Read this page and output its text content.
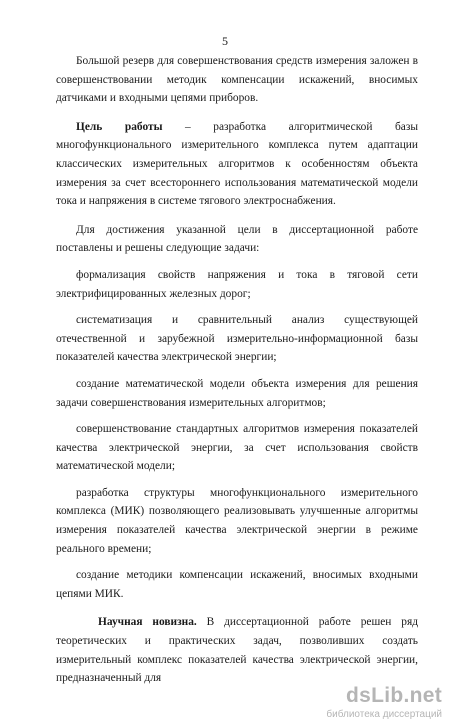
5

Большой резерв для совершенствования средств измерения заложен в совершенствовании методик компенсации искажений, вносимых датчиками и входными цепями приборов.

Цель работы – разработка алгоритмической базы многофункционального измерительного комплекса путем адаптации классических измерительных алгоритмов к особенностям объекта измерения за счет всестороннего использования математической модели тока и напряжения в системе тягового электроснабжения.

Для достижения указанной цели в диссертационной работе поставлены и решены следующие задачи:

формализация свойств напряжения и тока в тяговой сети электрифицированных железных дорог;

систематизация и сравнительный анализ существующей отечественной и зарубежной измерительно-информационной базы показателей качества электрической энергии;

создание математической модели объекта измерения для решения задачи совершенствования измерительных алгоритмов;

совершенствование стандартных алгоритмов измерения показателей качества электрической энергии, за счет использования свойств математической модели;

разработка структуры многофункционального измерительного комплекса (МИК) позволяющего реализовывать улучшенные алгоритмы измерения показателей качества электрической энергии в режиме реального времени;

создание методики компенсации искажений, вносимых входными цепями МИК.

Научная новизна. В диссертационной работе решен ряд теоретических и практических задач, позволивших создать измерительный комплекс показателей качества электрической энергии, предназначенный для

dsLib.net
библиотека диссертаций
